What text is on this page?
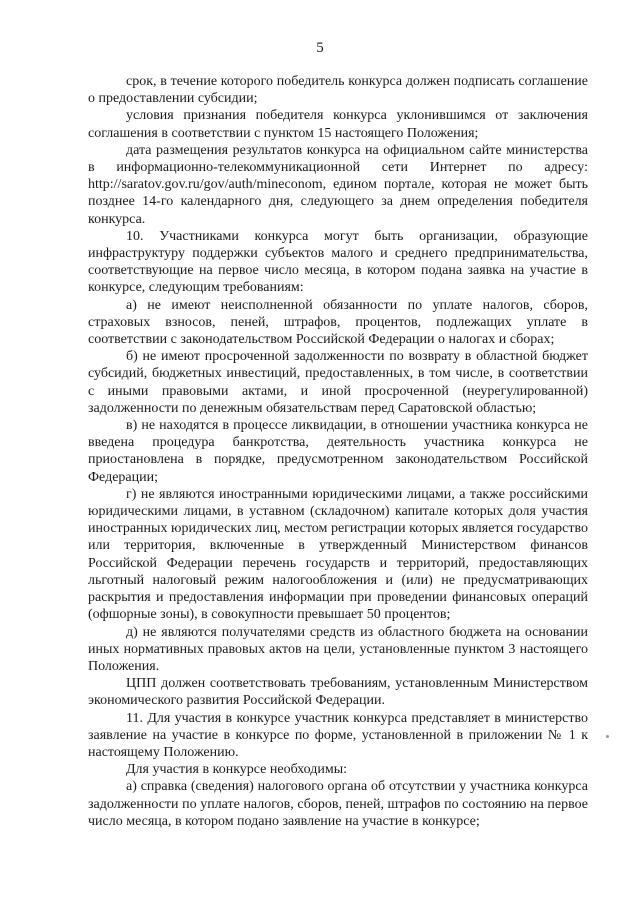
5

срок, в течение которого победитель конкурса должен подписать соглашение о предоставлении субсидии;

условия признания победителя конкурса уклонившимся от заключения соглашения в соответствии с пунктом 15 настоящего Положения;

дата размещения результатов конкурса на официальном сайте министерства в информационно-телекоммуникационной сети Интернет по адресу: http://saratov.gov.ru/gov/auth/mineconom, едином портале, которая не может быть позднее 14-го календарного дня, следующего за днем определения победителя конкурса.

10. Участниками конкурса могут быть организации, образующие инфраструктуру поддержки субъектов малого и среднего предпринимательства, соответствующие на первое число месяца, в котором подана заявка на участие в конкурсе, следующим требованиям:

а) не имеют неисполненной обязанности по уплате налогов, сборов, страховых взносов, пеней, штрафов, процентов, подлежащих уплате в соответствии с законодательством Российской Федерации о налогах и сборах;

б) не имеют просроченной задолженности по возврату в областной бюджет субсидий, бюджетных инвестиций, предоставленных, в том числе, в соответствии с иными правовыми актами, и иной просроченной (неурегулированной) задолженности по денежным обязательствам перед Саратовской областью;

в) не находятся в процессе ликвидации, в отношении участника конкурса не введена процедура банкротства, деятельность участника конкурса не приостановлена в порядке, предусмотренном законодательством Российской Федерации;

г) не являются иностранными юридическими лицами, а также российскими юридическими лицами, в уставном (складочном) капитале которых доля участия иностранных юридических лиц, местом регистрации которых является государство или территория, включенные в утвержденный Министерством финансов Российской Федерации перечень государств и территорий, предоставляющих льготный налоговый режим налогообложения и (или) не предусматривающих раскрытия и предоставления информации при проведении финансовых операций (офшорные зоны), в совокупности превышает 50 процентов;

д) не являются получателями средств из областного бюджета на основании иных нормативных правовых актов на цели, установленные пунктом 3 настоящего Положения.

ЦПП должен соответствовать требованиям, установленным Министерством экономического развития Российской Федерации.

11. Для участия в конкурсе участник конкурса представляет в министерство заявление на участие в конкурсе по форме, установленной в приложении № 1 к настоящему Положению.

Для участия в конкурсе необходимы:

а) справка (сведения) налогового органа об отсутствии у участника конкурса задолженности по уплате налогов, сборов, пеней, штрафов по состоянию на первое число месяца, в котором подано заявление на участие в конкурсе;
